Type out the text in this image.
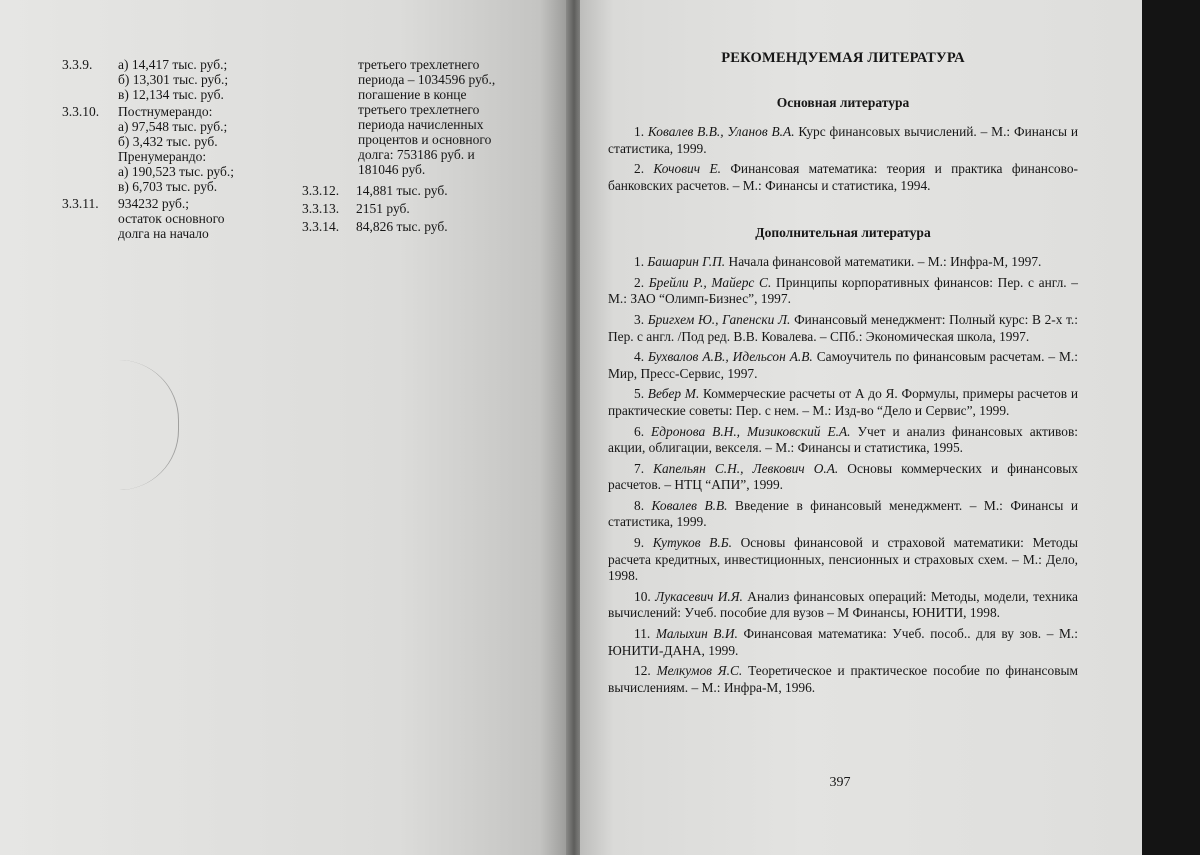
3.3.9.	а) 14,417 тыс. руб.;
б) 13,301 тыс. руб.;
в) 12,134 тыс. руб.
3.3.10.	Постнумерандо:
а) 97,548 тыс. руб.;
б) 3,432 тыс. руб.
Пренумерандо:
а) 190,523 тыс. руб.;
в) 6,703 тыс. руб.
3.3.11.	934232 руб.;
остаток основного
долга на начало
третьего трехлетнего
периода – 1034596 руб.,
погашение в конце
третьего трехлетнего
периода начисленных
процентов и основного
долга: 753186 руб. и
181046 руб.
3.3.12.	14,881 тыс. руб.
3.3.13.	2151 руб.
3.3.14.	84,826 тыс. руб.
РЕКОМЕНДУЕМАЯ ЛИТЕРАТУРА
Основная литература

1. Ковалев В.В., Уланов В.А. Курс финансовых вычислений. – М.: Финансы и статистика, 1999.

2. Кочович Е. Финансовая математика: теория и практика финансово-банковских расчетов. – М.: Финансы и статистика, 1994.

Дополнительная литература

1. Башарин Г.П. Начала финансовой математики. – М.: Инфра-М, 1997.

2. Брейли Р., Майерс С. Принципы корпоративных финансов: Пер. с англ. – М.: ЗАО “Олимп-Бизнес”, 1997.

3. Бригхем Ю., Гапенски Л. Финансовый менеджмент: Полный курс: В 2-х т.: Пер. с англ. /Под ред. В.В. Ковалева. – СПб.: Экономическая школа, 1997.

4. Бухвалов А.В., Идельсон А.В. Самоучитель по финансовым расчетам. – М.: Мир, Пресс-Сервис, 1997.

5. Вебер М. Коммерческие расчеты от А до Я. Формулы, примеры расчетов и практические советы: Пер. с нем. – М.: Изд-во “Дело и Сервис”, 1999.

6. Едронова В.Н., Мизиковский Е.А. Учет и анализ финансовых активов: акции, облигации, векселя. – М.: Финансы и статистика, 1995.

7. Капельян С.Н., Левкович О.А. Основы коммерческих и финансовых расчетов. – НТЦ “АПИ”, 1999.

8. Ковалев В.В. Введение в финансовый менеджмент. – М.: Финансы и статистика, 1999.

9. Кутуков В.Б. Основы финансовой и страховой математики: Методы расчета кредитных, инвестиционных, пенсионных и страховых схем. – М.: Дело, 1998.

10. Лукасевич И.Я. Анализ финансовых операций: Методы, модели, техника вычислений: Учеб. пособие для вузов – М Финансы, ЮНИТИ, 1998.

11. Малыхин В.И. Финансовая математика: Учеб. пособ.. для ву зов. – М.: ЮНИТИ-ДАНА, 1999.

12. Мелкумов Я.С. Теоретическое и практическое пособие по финансовым вычислениям. – М.: Инфра-М, 1996.

397
